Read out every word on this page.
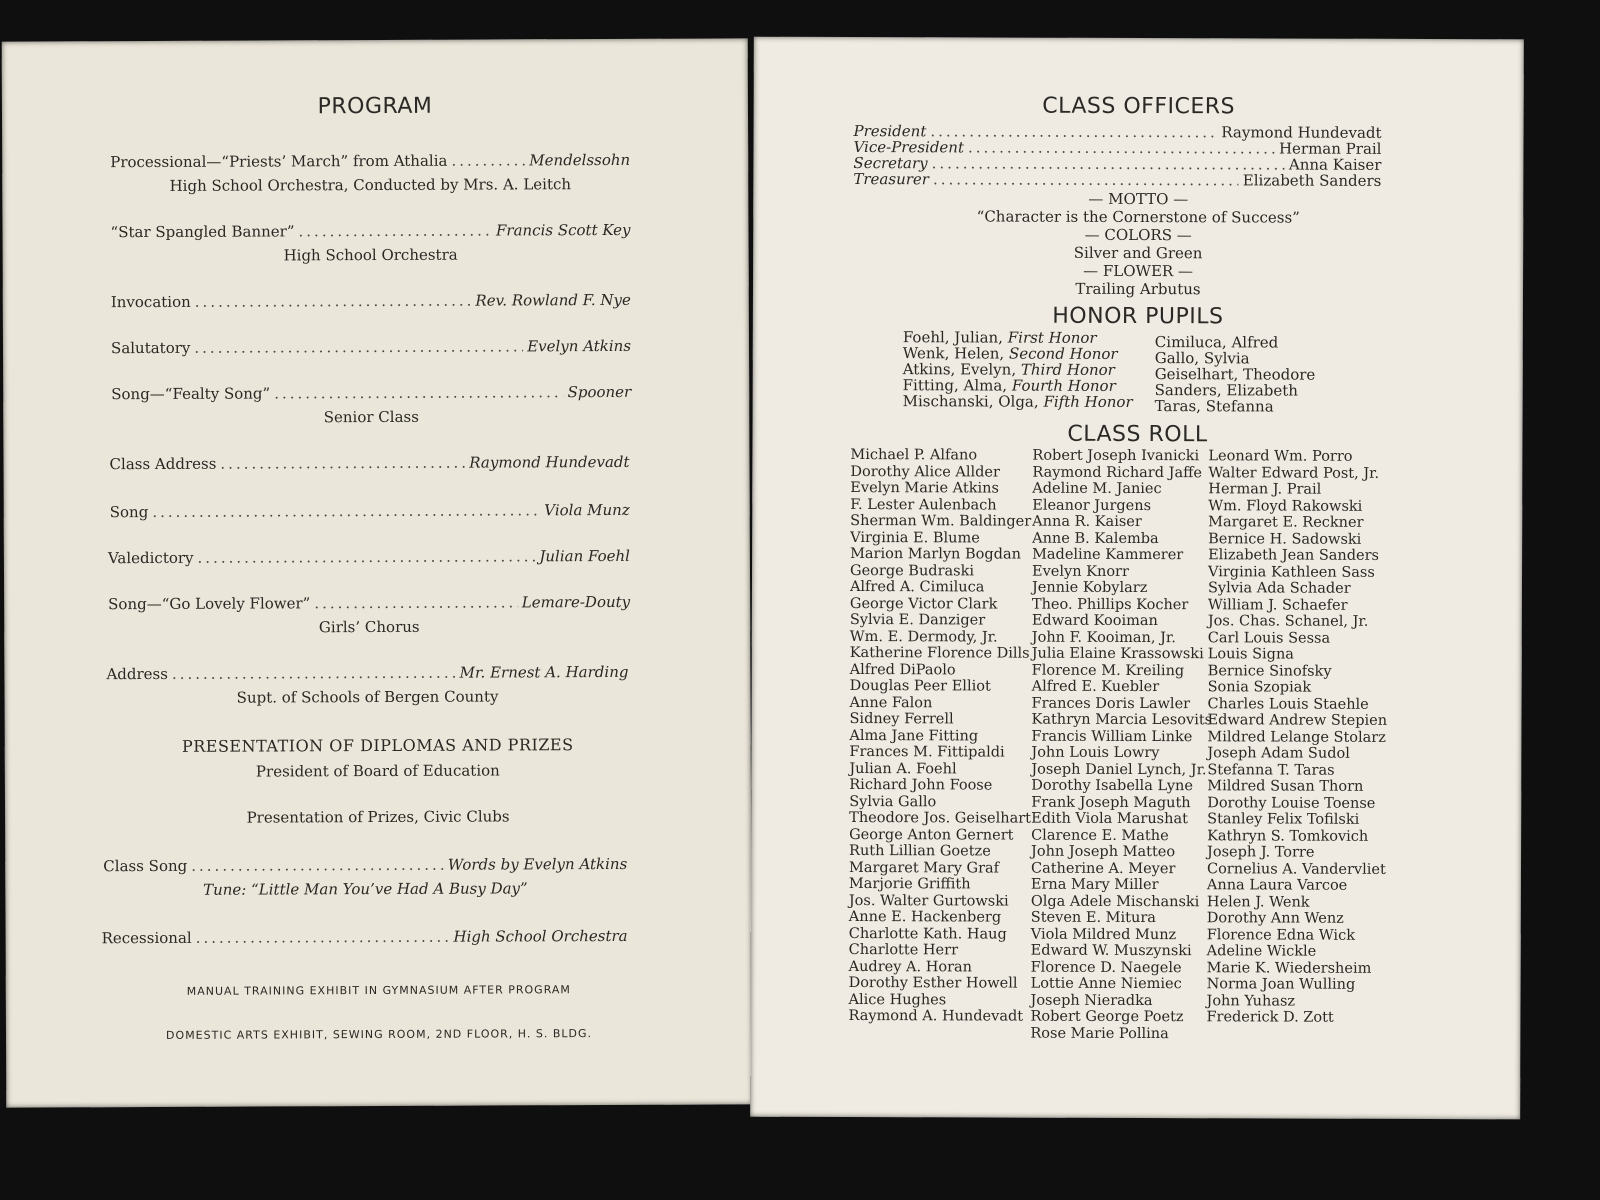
PROGRAM
Processional—“Priests’ March” from Athalia .....	Mendelssohn
High School Orchestra, Conducted by Mrs. A. Leitch
“Star Spangled Banner” .....	Francis Scott Key
High School Orchestra
Invocation .....	Rev. Rowland F. Nye
Salutatory .....	Evelyn Atkins
Song—“Fealty Song” .....	Spooner
Senior Class
Class Address .....	Raymond Hundevadt
Song .....	Viola Munz
Valedictory .....	Julian Foehl
Song—“Go Lovely Flower” .....	Lemare-Douty
Girls’ Chorus
Address .....	Mr. Ernest A. Harding
Supt. of Schools of Bergen County
PRESENTATION OF DIPLOMAS AND PRIZES
President of Board of Education
Presentation of Prizes, Civic Clubs
Class Song .....	Words by Evelyn Atkins
Tune: “Little Man You’ve Had A Busy Day”
Recessional .....	High School Orchestra
MANUAL TRAINING EXHIBIT IN GYMNASIUM AFTER PROGRAM
DOMESTIC ARTS EXHIBIT, SEWING ROOM, 2ND FLOOR, H. S. BLDG.
CLASS OFFICERS
President .....	Raymond Hundevadt
Vice-President .....	Herman Prail
Secretary .....	Anna Kaiser
Treasurer .....	Elizabeth Sanders
— MOTTO —
“Character is the Cornerstone of Success”
— COLORS —
Silver and Green
— FLOWER —
Trailing Arbutus
HONOR PUPILS
Foehl, Julian, First Honor
Wenk, Helen, Second Honor
Atkins, Evelyn, Third Honor
Fitting, Alma, Fourth Honor
Mischanski, Olga, Fifth Honor
Cimiluca, Alfred
Gallo, Sylvia
Geiselhart, Theodore
Sanders, Elizabeth
Taras, Stefanna
CLASS ROLL
Michael P. Alfano
Dorothy Alice Allder
Evelyn Marie Atkins
F. Lester Aulenbach
Sherman Wm. Baldinger
Virginia E. Blume
Marion Marlyn Bogdan
George Budraski
Alfred A. Cimiluca
George Victor Clark
Sylvia E. Danziger
Wm. E. Dermody, Jr.
Katherine Florence Dills
Alfred DiPaolo
Douglas Peer Elliot
Anne Falon
Sidney Ferrell
Alma Jane Fitting
Frances M. Fittipaldi
Julian A. Foehl
Richard John Foose
Sylvia Gallo
Theodore Jos. Geiselhart
George Anton Gernert
Ruth Lillian Goetze
Margaret Mary Graf
Marjorie Griffith
Jos. Walter Gurtowski
Anne E. Hackenberg
Charlotte Kath. Haug
Charlotte Herr
Audrey A. Horan
Dorothy Esther Howell
Alice Hughes
Raymond A. Hundevadt
Robert Joseph Ivanicki
Raymond Richard Jaffe
Adeline M. Janiec
Eleanor Jurgens
Anna R. Kaiser
Anne B. Kalemba
Madeline Kammerer
Evelyn Knorr
Jennie Kobylarz
Theo. Phillips Kocher
Edward Kooiman
John F. Kooiman, Jr.
Julia Elaine Krassowski
Florence M. Kreiling
Alfred E. Kuebler
Frances Doris Lawler
Kathryn Marcia Lesovits
Francis William Linke
John Louis Lowry
Joseph Daniel Lynch, Jr.
Dorothy Isabella Lyne
Frank Joseph Maguth
Edith Viola Marushat
Clarence E. Mathe
John Joseph Matteo
Catherine A. Meyer
Erna Mary Miller
Olga Adele Mischanski
Steven E. Mitura
Viola Mildred Munz
Edward W. Muszynski
Florence D. Naegele
Lottie Anne Niemiec
Joseph Nieradka
Robert George Poetz
Rose Marie Pollina
Leonard Wm. Porro
Walter Edward Post, Jr.
Herman J. Prail
Wm. Floyd Rakowski
Margaret E. Reckner
Bernice H. Sadowski
Elizabeth Jean Sanders
Virginia Kathleen Sass
Sylvia Ada Schader
William J. Schaefer
Jos. Chas. Schanel, Jr.
Carl Louis Sessa
Louis Signa
Bernice Sinofsky
Sonia Szopiak
Charles Louis Staehle
Edward Andrew Stepien
Mildred Lelange Stolarz
Joseph Adam Sudol
Stefanna T. Taras
Mildred Susan Thorn
Dorothy Louise Toense
Stanley Felix Tofilski
Kathryn S. Tomkovich
Joseph J. Torre
Cornelius A. Vandervliet
Anna Laura Varcoe
Helen J. Wenk
Dorothy Ann Wenz
Florence Edna Wick
Adeline Wickle
Marie K. Wiedersheim
Norma Joan Wulling
John Yuhasz
Frederick D. Zott
